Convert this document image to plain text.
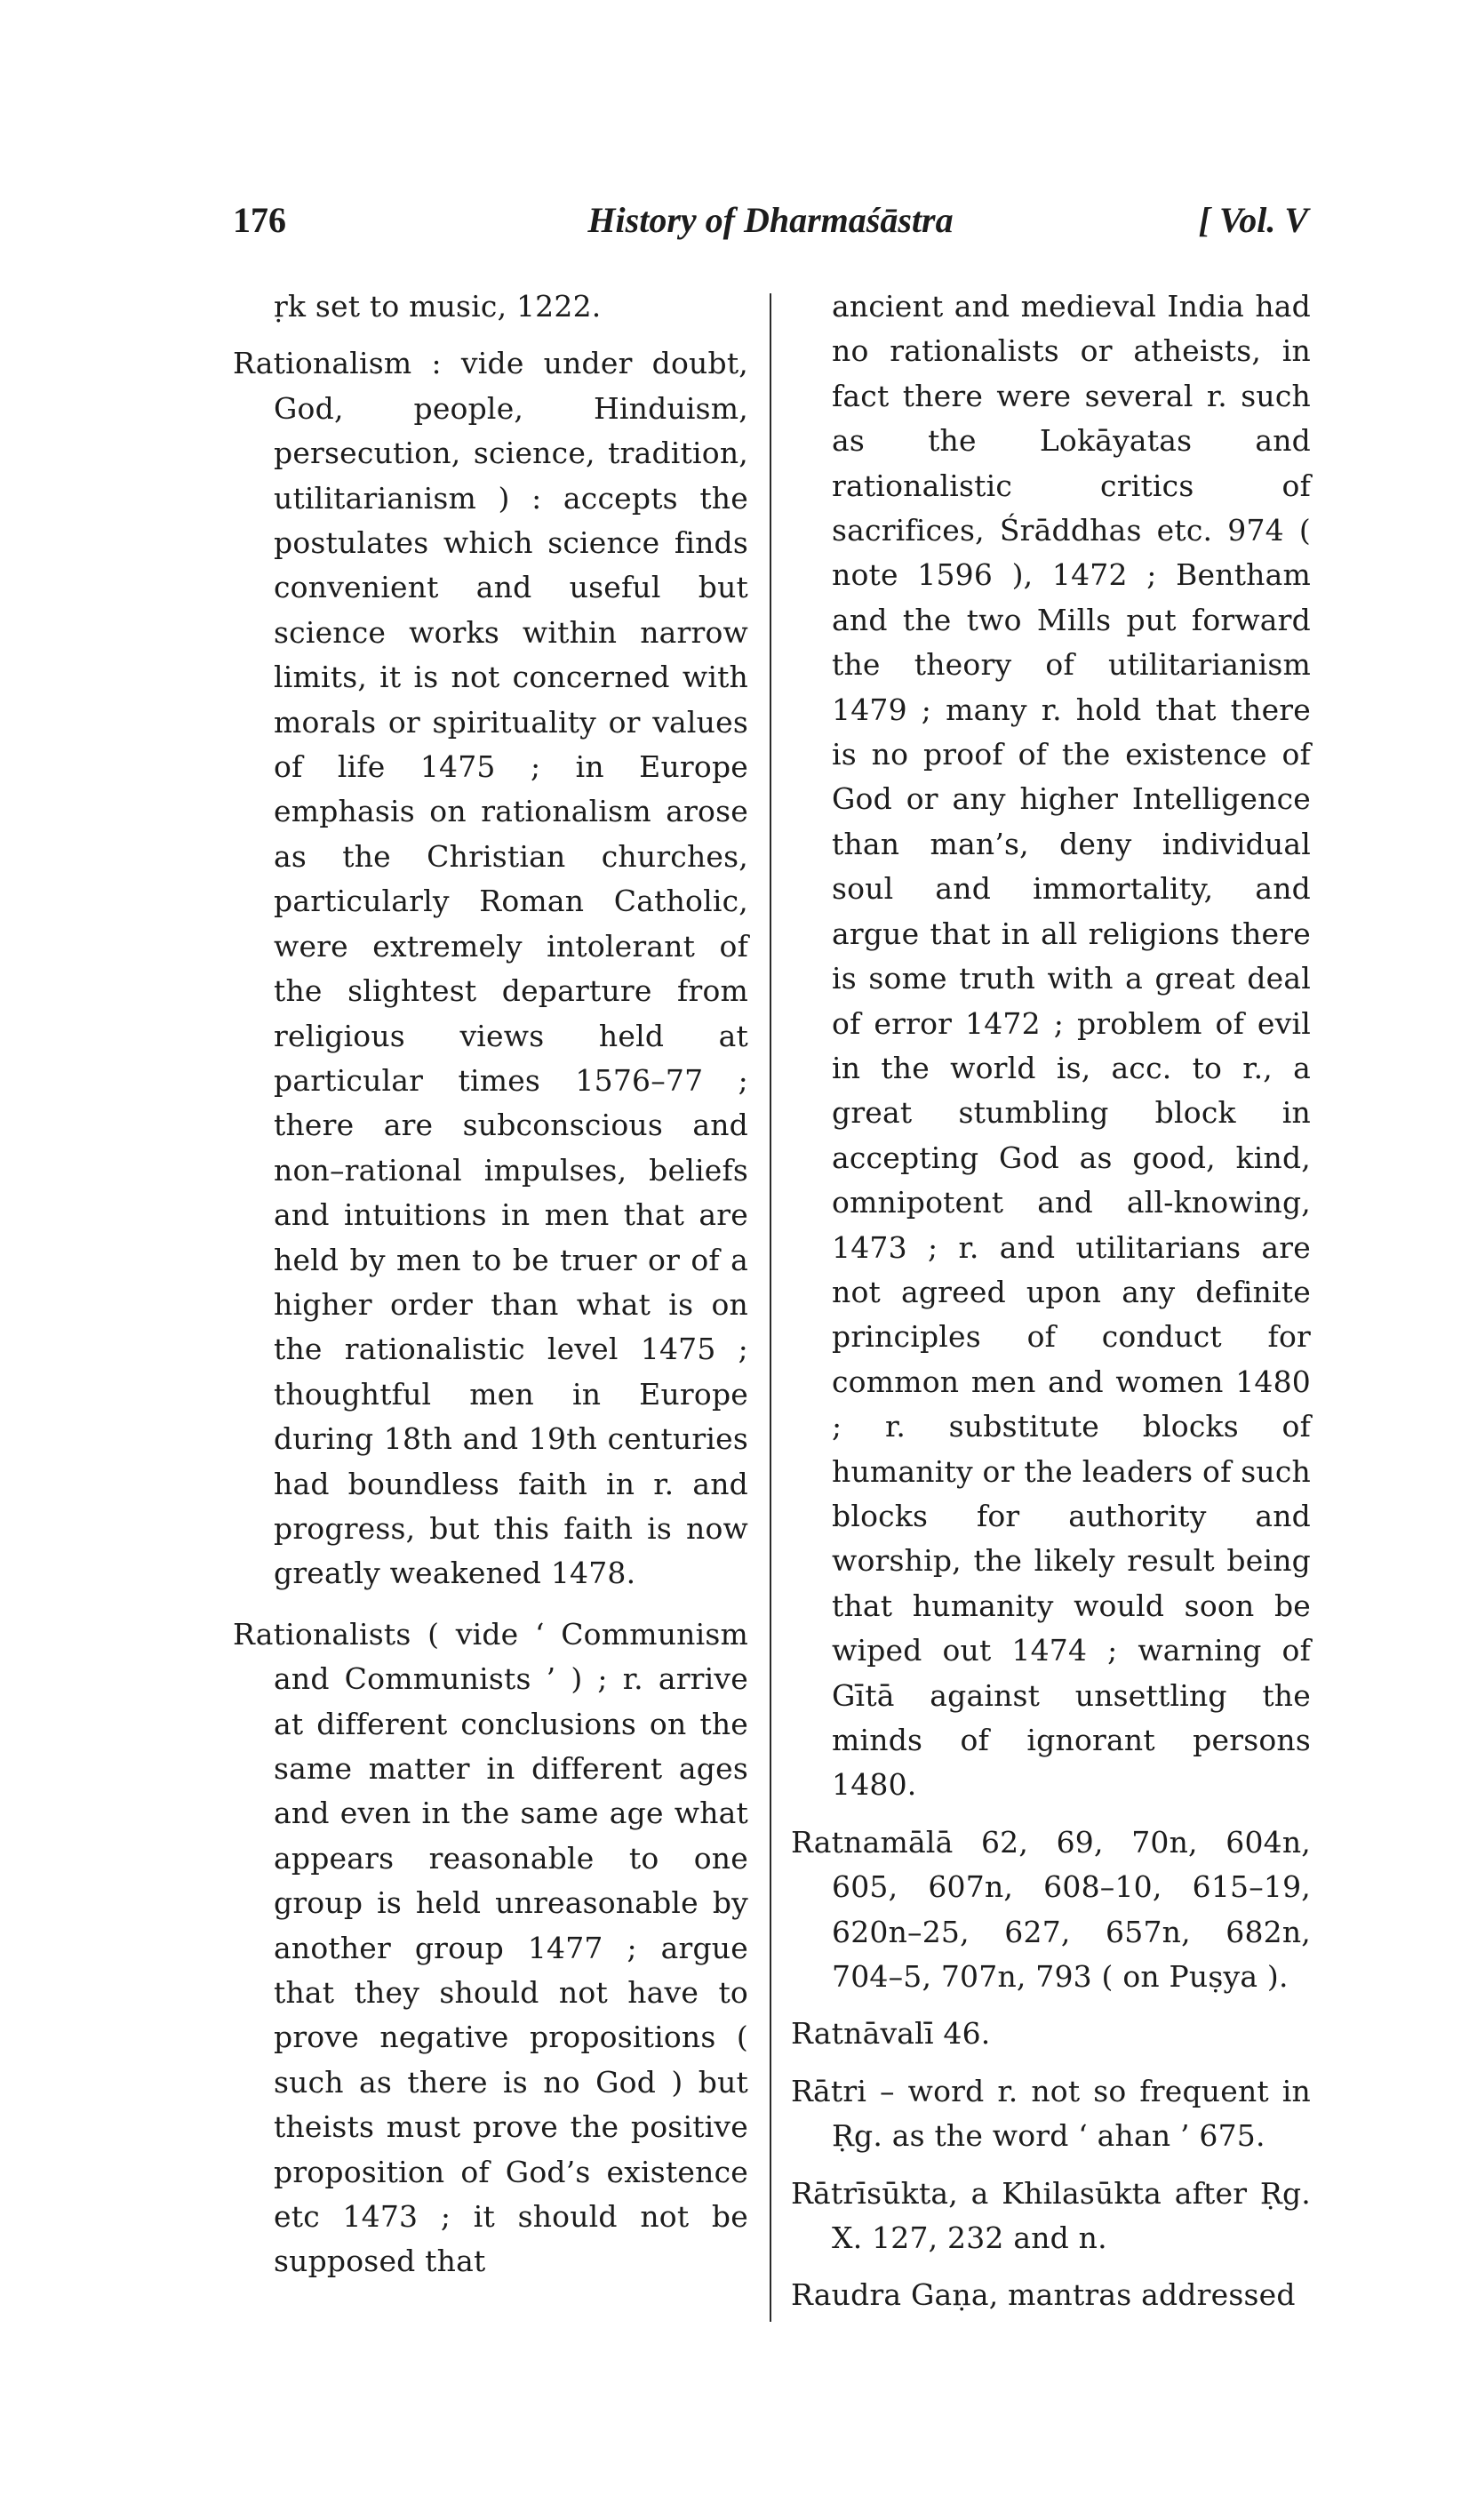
176	History of Dharmaśāstra	[ Vol. V

ṛk set to music, 1222.

Rationalism : vide under doubt, God, people, Hinduism, persecution, science, tradition, utilitarianism ) : accepts the postulates which science finds convenient and useful but science works within narrow limits, it is not concerned with morals or spirituality or values of life 1475 ; in Europe emphasis on rationalism arose as the Christian churches, particularly Roman Catholic, were extremely intolerant of the slightest departure from religious views held at particular times 1576–77 ; there are subconscious and non–rational impulses, beliefs and intuitions in men that are held by men to be truer or of a higher order than what is on the rationalistic level 1475 ; thoughtful men in Europe during 18th and 19th centuries had boundless faith in r. and progress, but this faith is now greatly weakened 1478.

Rationalists ( vide ‘ Communism and Communists ’ ) ; r. arrive at different conclusions on the same matter in different ages and even in the same age what appears reasonable to one group is held unreasonable by another group 1477 ; argue that they should not have to prove negative propositions ( such as there is no God ) but theists must prove the positive proposition of God’s existence etc 1473 ; it should not be supposed that

ancient and medieval India had no rationalists or atheists, in fact there were several r. such as the Lokāyatas and rationalistic critics of sacrifices, Śrāddhas etc. 974 ( note 1596 ), 1472 ; Bentham and the two Mills put forward the theory of utilitarianism 1479 ; many r. hold that there is no proof of the existence of God or any higher Intelligence than man’s, deny individual soul and immortality, and argue that in all religions there is some truth with a great deal of error 1472 ; problem of evil in the world is, acc. to r., a great stumbling block in accepting God as good, kind, omnipotent and all-knowing, 1473 ; r. and utilitarians are not agreed upon any definite principles of conduct for common men and women 1480 ; r. substitute blocks of humanity or the leaders of such blocks for authority and worship, the likely result being that humanity would soon be wiped out 1474 ; warning of Gītā against unsettling the minds of ignorant persons 1480.

Ratnamālā 62, 69, 70n, 604n, 605, 607n, 608–10, 615–19, 620n–25, 627, 657n, 682n, 704–5, 707n, 793 ( on Puṣya ).

Ratnāvalī 46.

Rātri – word r. not so frequent in Ṛg. as the word ‘ ahan ’ 675.

Rātrīsūkta, a Khilasūkta after Ṛg. X. 127, 232 and n.

Raudra Gaṇa, mantras addressed
